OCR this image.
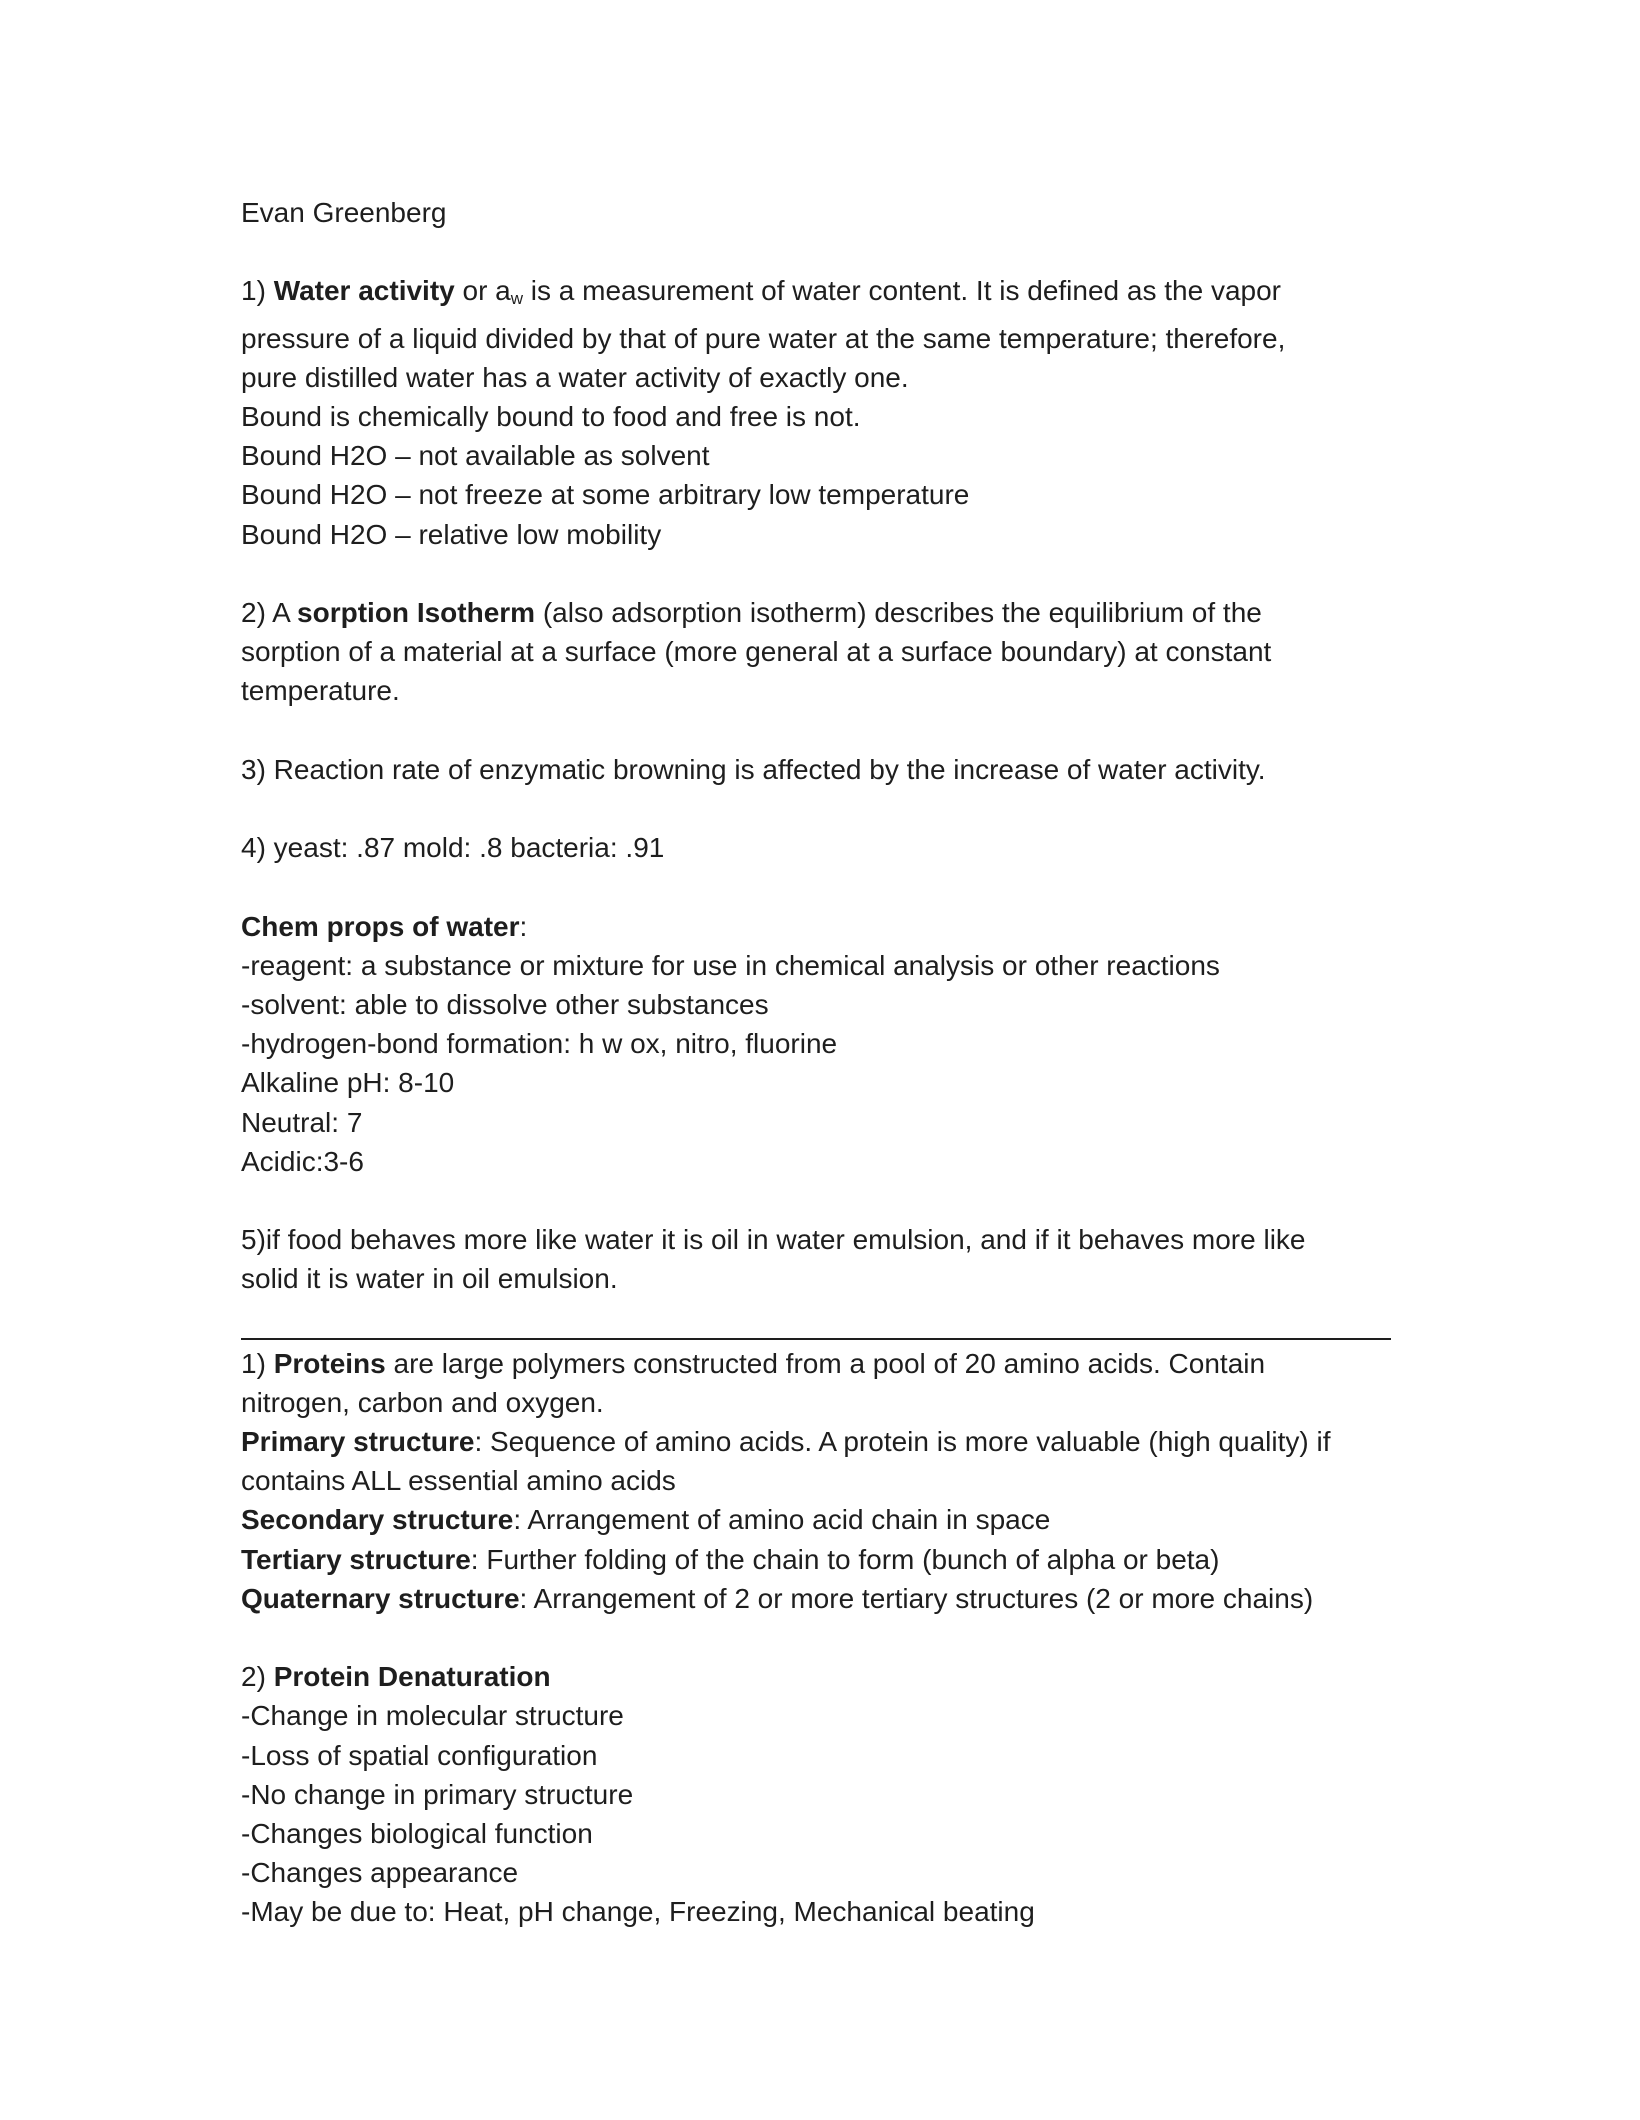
Evan Greenberg
1) Water activity or $a_w$ is a measurement of water content. It is defined as the vapor
pressure of a liquid divided by that of pure water at the same temperature; therefore,
pure distilled water has a water activity of exactly one.
Bound is chemically bound to food and free is not.
Bound H2O – not available as solvent
Bound H2O – not freeze at some arbitrary low temperature
Bound H2O – relative low mobility
2) A sorption Isotherm (also adsorption isotherm) describes the equilibrium of the
sorption of a material at a surface (more general at a surface boundary) at constant
temperature.
3) Reaction rate of enzymatic browning is affected by the increase of water activity.
4) yeast: .87 mold: .8 bacteria: .91
Chem props of water:
-reagent: a substance or mixture for use in chemical analysis or other reactions
-solvent: able to dissolve other substances
-hydrogen-bond formation: h w ox, nitro, fluorine
Alkaline pH: 8-10
Neutral: 7
Acidic:3-6
5)if food behaves more like water it is oil in water emulsion, and if it behaves more like
solid it is water in oil emulsion.
1) Proteins are large polymers constructed from a pool of 20 amino acids. Contain
nitrogen, carbon and oxygen.
Primary structure: Sequence of amino acids. A protein is more valuable (high quality) if
contains ALL essential amino acids
Secondary structure: Arrangement of amino acid chain in space
Tertiary structure: Further folding of the chain to form (bunch of alpha or beta)
Quaternary structure: Arrangement of 2 or more tertiary structures (2 or more chains)
2) Protein Denaturation
-Change in molecular structure
-Loss of spatial configuration
-No change in primary structure
-Changes biological function
-Changes appearance
-May be due to: Heat, pH change, Freezing, Mechanical beating
